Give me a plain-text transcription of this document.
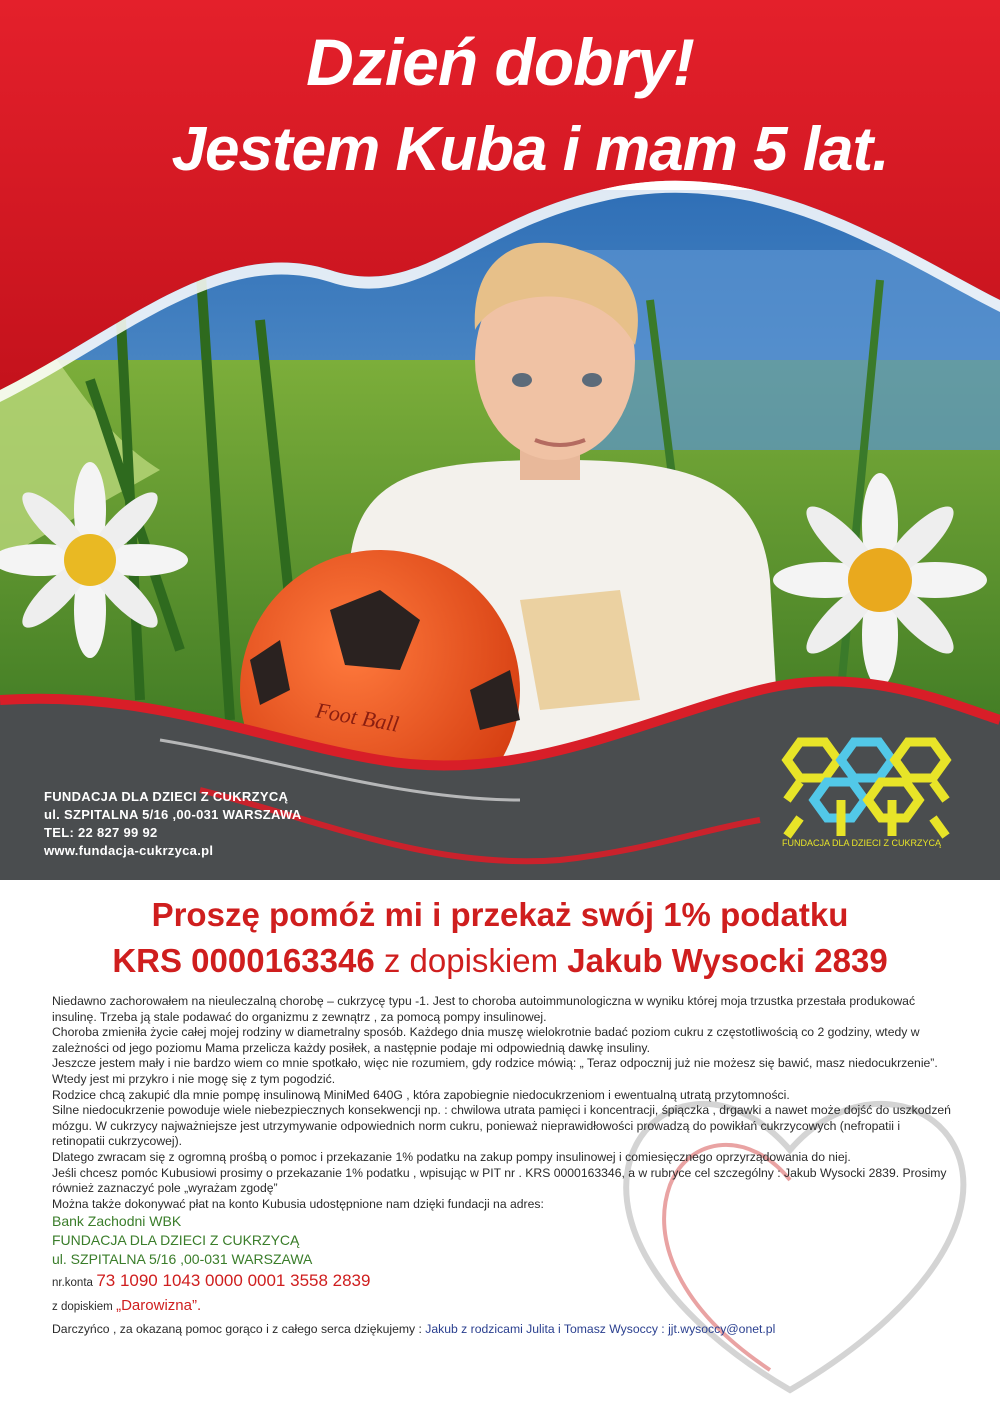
Foot Ball
Dzień dobry!
Jestem Kuba i mam 5 lat.
FUNDACJA DLA DZIECI Z CUKRZYCĄ
ul. SZPITALNA 5/16 ,00-031 WARSZAWA
TEL: 22 827 99 92
www.fundacja-cukrzyca.pl	FUNDACJA DLA DZIECI Z CUKRZYCĄ
Proszę pomóż mi i przekaż swój 1% podatku
KRS 0000163346 z dopiskiem Jakub Wysocki 2839

Niedawno zachorowałem na nieuleczalną chorobę – cukrzycę typu -1. Jest to choroba autoimmunologiczna w wyniku której moja trzustka przestała produkować insulinę. Trzeba ją stale podawać do organizmu z zewnątrz , za pomocą pompy insulinowej.

Choroba zmieniła życie całej mojej rodziny w diametralny sposób. Każdego dnia muszę wielokrotnie badać poziom cukru z częstotliwością co 2 godziny, wtedy w zależności od jego poziomu Mama przelicza każdy posiłek, a następnie podaje mi odpowiednią dawkę insuliny.

Jeszcze jestem mały i nie bardzo wiem co mnie spotkało, więc nie rozumiem, gdy rodzice mówią: „ Teraz odpocznij już nie możesz się bawić, masz niedocukrzenie”. Wtedy jest mi przykro i nie mogę się z tym pogodzić.

Rodzice chcą zakupić dla mnie pompę insulinową MiniMed 640G , która zapobiegnie niedocukrzeniom i ewentualną utratą przytomności.

Silne niedocukrzenie powoduje wiele niebezpiecznych konsekwencji np. : chwilowa utrata pamięci i koncentracji, śpiączka , drgawki a nawet może dojść do uszkodzeń mózgu. W cukrzycy najważniejsze jest utrzymywanie odpowiednich norm cukru, ponieważ nieprawidłowości prowadzą do powikłań cukrzycowych (nefropatii i retinopatii cukrzycowej).

Dlatego zwracam się z ogromną prośbą o pomoc i przekazanie 1% podatku na zakup pompy insulinowej i comiesięcznego oprzyrządowania do niej.

Jeśli chcesz pomóc Kubusiowi prosimy o przekazanie 1% podatku , wpisując w PIT nr . KRS 0000163346, a w rubryce cel szczególny : Jakub Wysocki 2839. Prosimy również zaznaczyć pole „wyrażam zgodę”

Można także dokonywać płat na konto Kubusia udostępnione nam dzięki fundacji na adres:

Bank Zachodni WBK

FUNDACJA DLA DZIECI Z CUKRZYCĄ

ul. SZPITALNA 5/16 ,00-031 WARSZAWA

nr.konta 73 1090 1043 0000 0001 3558 2839

z dopiskiem „Darowizna”.

Darczyńco , za okazaną pomoc gorąco i z całego serca dziękujemy : Jakub z rodzicami Julita i Tomasz Wysoccy : jjt.wysoccy@onet.pl
